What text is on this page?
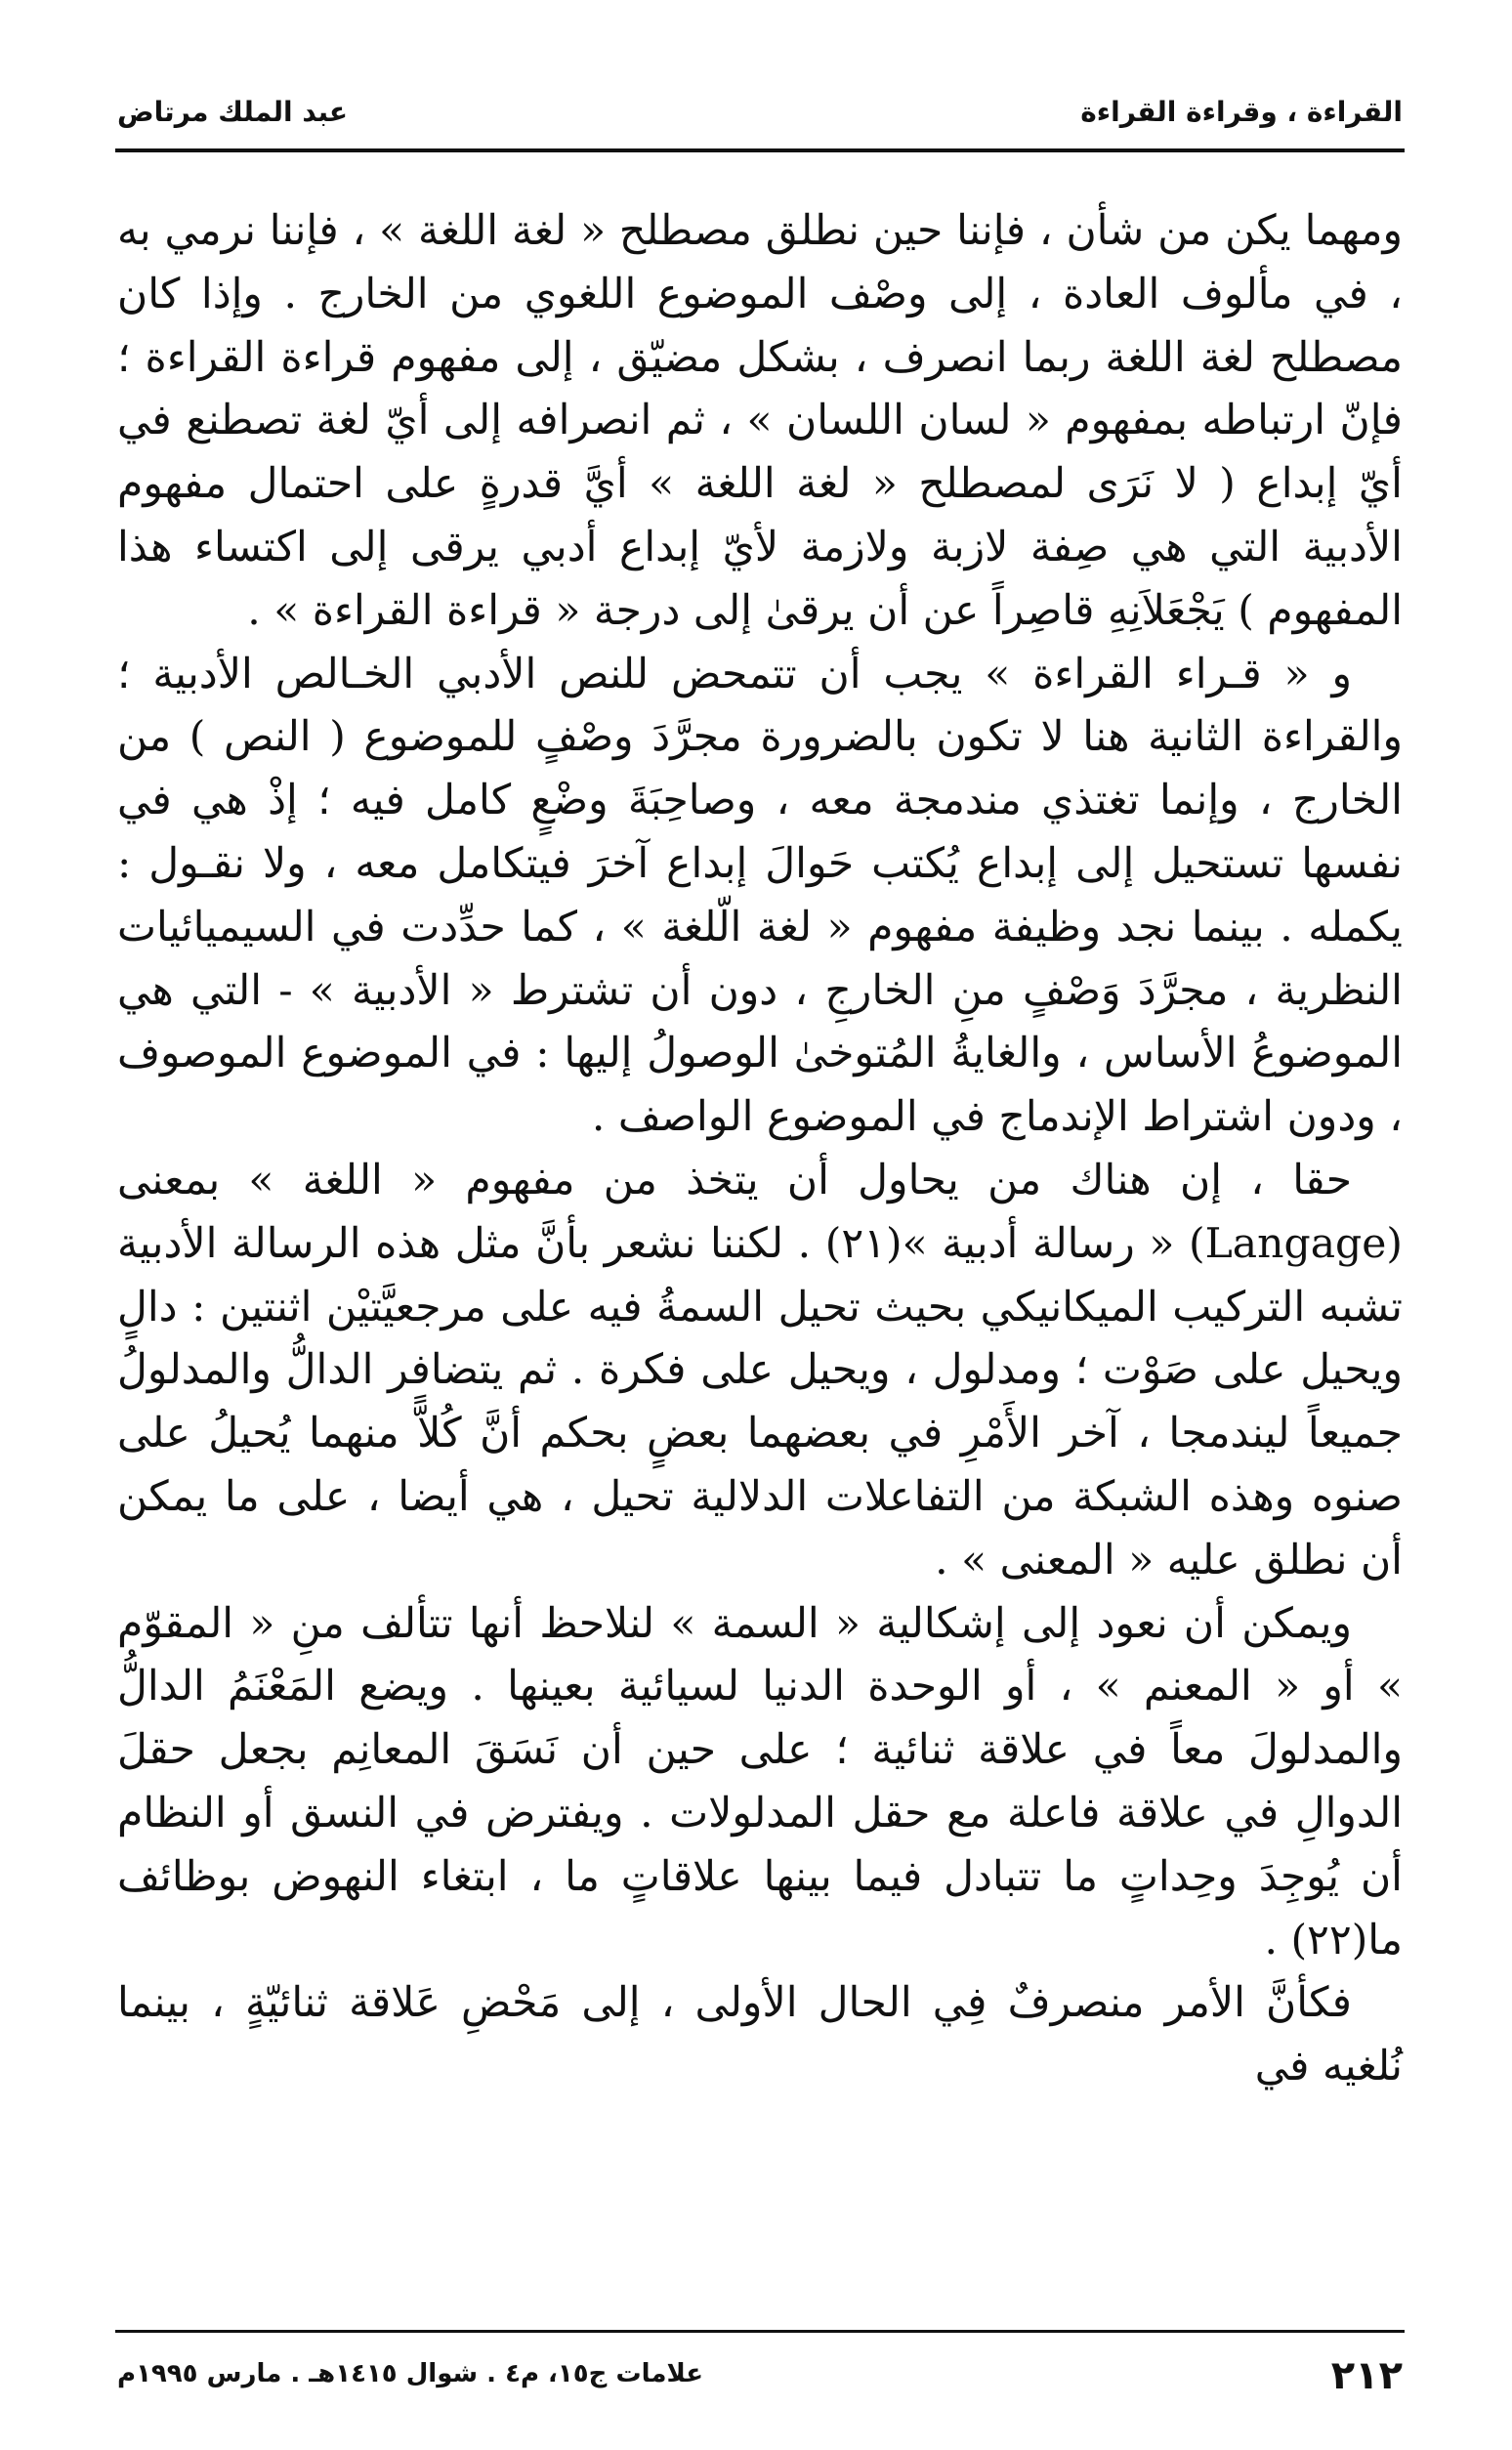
القراءة ، وقراءة القراءة
عبد الملك مرتاض

ومهما يكن من شأن ، فإننا حين نطلق مصطلح « لغة اللغة » ، فإننا نرمي به ، في مألوف العادة ، إلى وصْف الموضوع اللغوي من الخارج . وإذا كان مصطلح لغة اللغة ربما انصرف ، بشكل مضيّق ، إلى مفهوم قراءة القراءة ؛ فإنّ ارتباطه بمفهوم « لسان اللسان » ، ثم انصرافه إلى أيّ لغة تصطنع في أيّ إبداع ( لا نَرَى لمصطلح « لغة اللغة » أيَّ قدرةٍ على احتمال مفهوم الأدبية التي هي صِفة لازبة ولازمة لأيّ إبداع أدبي يرقى إلى اكتساء هذا المفهوم ) يَجْعَلاَنِهِ قاصِراً عن أن يرقىٰ إلى درجة « قراءة القراءة » .

و « قـراء القراءة » يجب أن تتمحض للنص الأدبي الخـالص الأدبية ؛ والقراءة الثانية هنا لا تكون بالضرورة مجرَّدَ وصْفٍ للموضوع ( النص ) من الخارج ، وإنما تغتذي مندمجة معه ، وصاحِبَةَ وضْعٍ كامل فيه ؛ إذْ هي في نفسها تستحيل إلى إبداع يُكتب حَوالَ إبداع آخرَ فيتكامل معه ، ولا نقـول : يكمله . بينما نجد وظيفة مفهوم « لغة الّلغة » ، كما حدِّدت في السيميائيات النظرية ، مجرَّدَ وَصْفٍ منِ الخارجِ ، دون أن تشترط « الأدبية » - التي هي الموضوعُ الأساس ، والغايةُ المُتوخىٰ الوصولُ إليها : في الموضوع الموصوف ، ودون اشتراط الإندماج في الموضوع الواصف .

حقا ، إن هناك من يحاول أن يتخذ من مفهوم « اللغة » بمعنى (Langage) « رسالة أدبية »(٢١) . لكننا نشعر بأنَّ مثل هذه الرسالة الأدبية تشبه التركيب الميكانيكي بحيث تحيل السمةُ فيه على مرجعيَّتيْن اثنتين : دالٍ ويحيل على صَوْت ؛ ومدلول ، ويحيل على فكرة . ثم يتضافر الدالُّ والمدلولُ جميعاً ليندمجا ، آخر الأَمْرِ في بعضهما بعضٍ بحكم أنَّ كُلاًّ منهما يُحيلُ على صنوه وهذه الشبكة من التفاعلات الدلالية تحيل ، هي أيضا ، على ما يمكن أن نطلق عليه « المعنى » .

ويمكن أن نعود إلى إشكالية « السمة » لنلاحظ أنها تتألف منِ « المقوّم » أو « المعنم » ، أو الوحدة الدنيا لسيائية بعينها . ويضع المَعْنَمُ الدالُّ والمدلولَ معاً في علاقة ثنائية ؛ على حين أن نَسَقَ المعانِم بجعل حقلَ الدوالِ في علاقة فاعلة مع حقل المدلولات . ويفترض في النسق أو النظام أن يُوجِدَ وحِداتٍ ما تتبادل فيما بينها علاقاتٍ ما ، ابتغاء النهوض بوظائف ما(٢٢) .

فكأنَّ الأمر منصرفٌ فِي الحال الأولى ، إلى مَحْضِ عَلاقة ثنائيّةٍ ، بينما نُلغيه في

٢١٢
علامات ج١٥، م٤ . شوال ١٤١٥هـ . مارس ١٩٩٥م
